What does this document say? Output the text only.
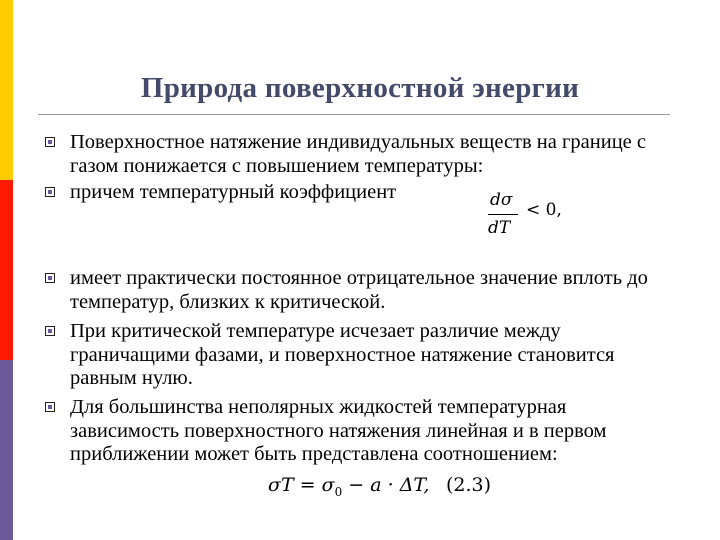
Природа поверхностной энергии
Поверхностное натяжение индивидуальных веществ на границе с газом понижается с повышением температуры:
причем температурный коэффициент	dσ
dT
< 0,
имеет практически постоянное отрицательное значение вплоть до температур, близких к критической.
При критической температуре исчезает различие между граничащими фазами, и поверхностное натяжение становится равным нулю.
Для большинства неполярных жидкостей температурная зависимость поверхностного натяжения линейная и в первом приближении может быть представлена соотношением:
$\sigma T = \sigma_0 - a \cdot \Delta T$, (2.3)
